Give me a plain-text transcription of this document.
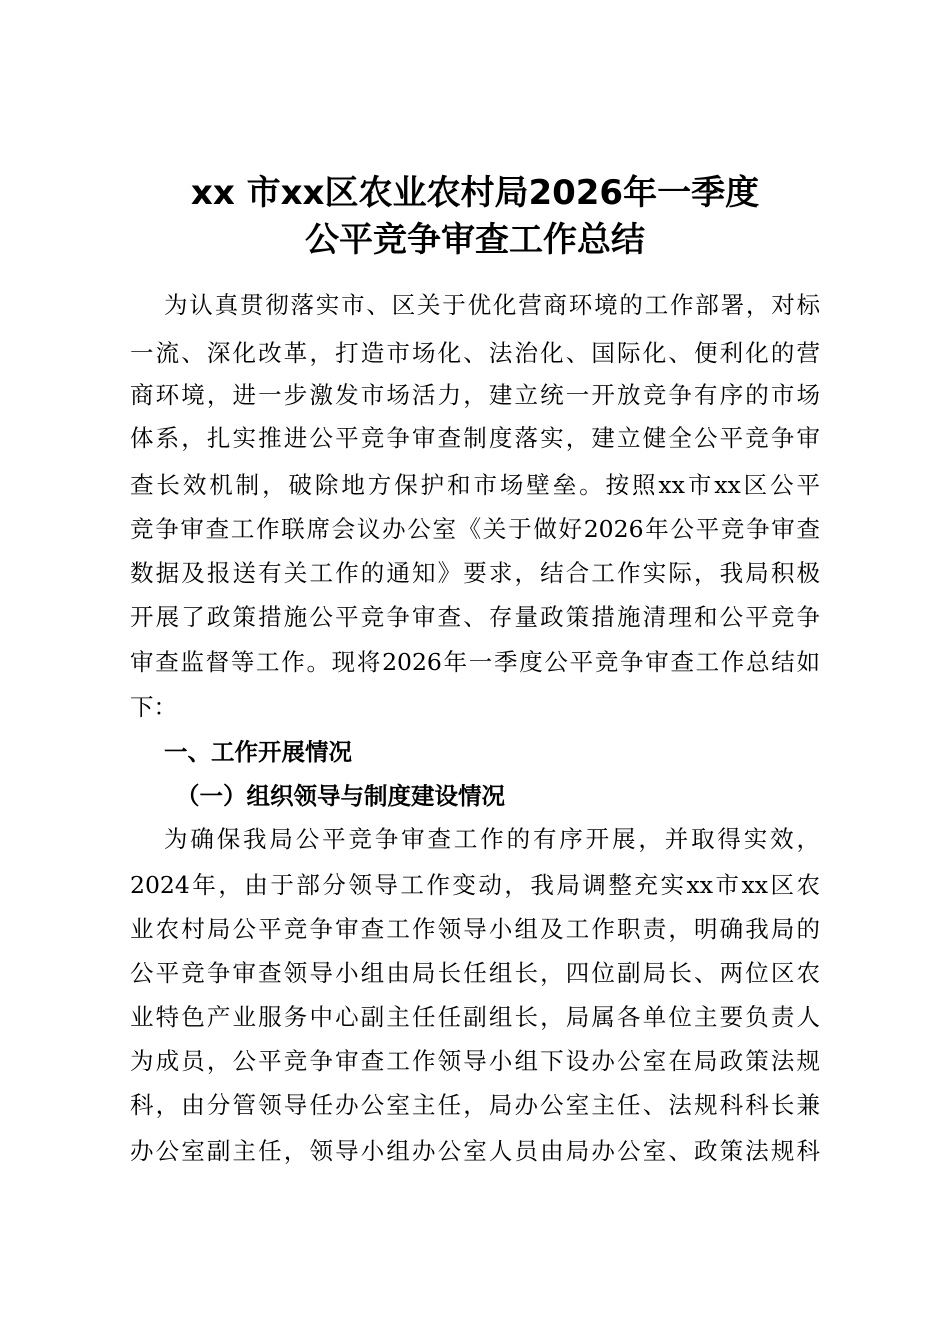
xx 市xx区农业农村局2026年一季度
公平竞争审查工作总结

为认真贯彻落实市、区关于优化营商环境的工作部署，对标

一流、深化改革，打造市场化、法治化、国际化、便利化的营

商环境，进一步激发市场活力，建立统一开放竞争有序的市场

体系，扎实推进公平竞争审查制度落实，建立健全公平竞争审

查长效机制，破除地方保护和市场壁垒。按照xx市xx区公平

竞争审查工作联席会议办公室《关于做好2026年公平竞争审查

数据及报送有关工作的通知》要求，结合工作实际，我局积极

开展了政策措施公平竞争审查、存量政策措施清理和公平竞争

审查监督等工作。现将2026年一季度公平竞争审查工作总结如

下：

一、工作开展情况
（一）组织领导与制度建设情况

为确保我局公平竞争审查工作的有序开展，并取得实效，

2024年，由于部分领导工作变动，我局调整充实xx市xx区农

业农村局公平竞争审查工作领导小组及工作职责，明确我局的

公平竞争审查领导小组由局长任组长，四位副局长、两位区农

业特色产业服务中心副主任任副组长，局属各单位主要负责人

为成员，公平竞争审查工作领导小组下设办公室在局政策法规

科，由分管领导任办公室主任，局办公室主任、法规科科长兼

办公室副主任，领导小组办公室人员由局办公室、政策法规科
